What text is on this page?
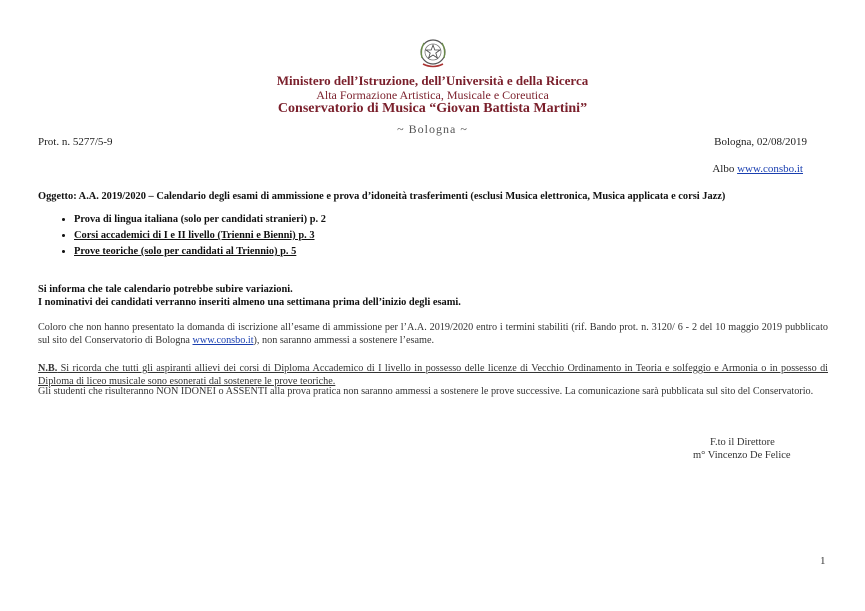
Ministero dell’Istruzione, dell’Università e della Ricerca
Alta Formazione Artistica, Musicale e Coreutica
Conservatorio di Musica “Giovan Battista Martini”
~ Bologna ~
Prot. n. 5277/5-9	Bologna, 02/08/2019
Albo www.consbo.it
Oggetto: A.A. 2019/2020 – Calendario degli esami di ammissione e prova d’idoneità trasferimenti (esclusi Musica elettronica, Musica applicata e corsi Jazz)
• Prova di lingua italiana (solo per candidati stranieri) p. 2
• Corsi accademici di I e II livello (Trienni e Bienni) p. 3
• Prove teoriche (solo per candidati al Triennio) p. 5
Si informa che tale calendario potrebbe subire variazioni.
I nominativi dei candidati verranno inseriti almeno una settimana prima dell’inizio degli esami.
Coloro che non hanno presentato la domanda di iscrizione all’esame di ammissione per l’A.A. 2019/2020 entro i termini stabiliti (rif. Bando prot. n. 3120/ 6 - 2 del 10 maggio 2019 pubblicato sul sito del Conservatorio di Bologna www.consbo.it), non saranno ammessi a sostenere l’esame.
N.B. Si ricorda che tutti gli aspiranti allievi dei corsi di Diploma Accademico di I livello in possesso delle licenze di Vecchio Ordinamento in Teoria e solfeggio e Armonia o in possesso di Diploma di liceo musicale sono esonerati dal sostenere le prove teoriche.
Gli studenti che risulteranno NON IDONEI o ASSENTI alla prova pratica non saranno ammessi a sostenere le prove successive. La comunicazione sarà pubblicata sul sito del Conservatorio.
F.to il Direttore
m° Vincenzo De Felice
1
